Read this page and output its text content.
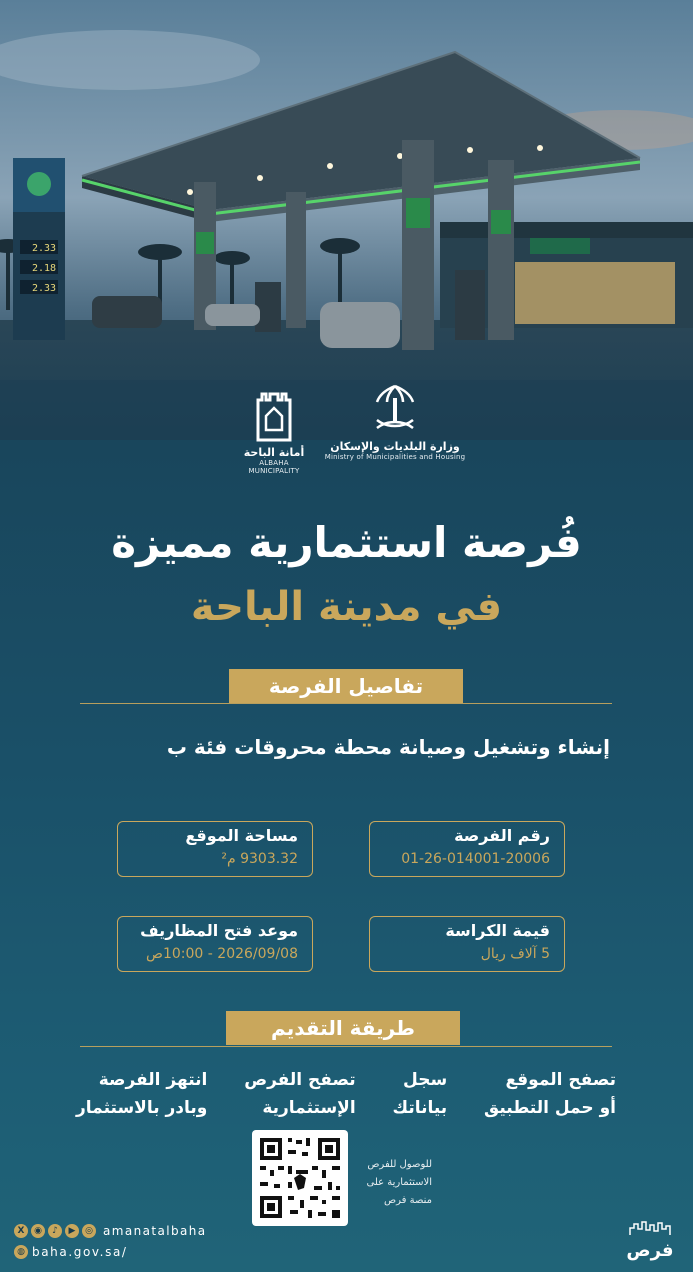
2.33
2.18
2.33
أمانة الباحة
ALBAHA MUNICIPALITY
وزارة البلديات والإسكان
Ministry of Municipalities and Housing
فُرصة استثمارية مميزة
في مدينة الباحة
تفاصيل الفرصة
إنشاء وتشغيل وصيانة محطة محروقات فئة ب
رقم الفرصة
01-26-014001-20006
مساحة الموقع
9303.32 م²
قيمة الكراسة
5 آلاف ريال
موعد فتح المظاريف
2026/09/08 - 10:00ص
طريقة التقديم
تصفح الموقع
أو حمل التطبيق
سجل
بياناتك
تصفح الفرص
الإستثمارية
انتهز الفرصة
وبادر بالاستثمار
للوصول للفرص الاستثمارية على منصة فرص
X	◉	♪	▶	◎ amanatalbaha
◍ baha.gov.sa/	فرص
